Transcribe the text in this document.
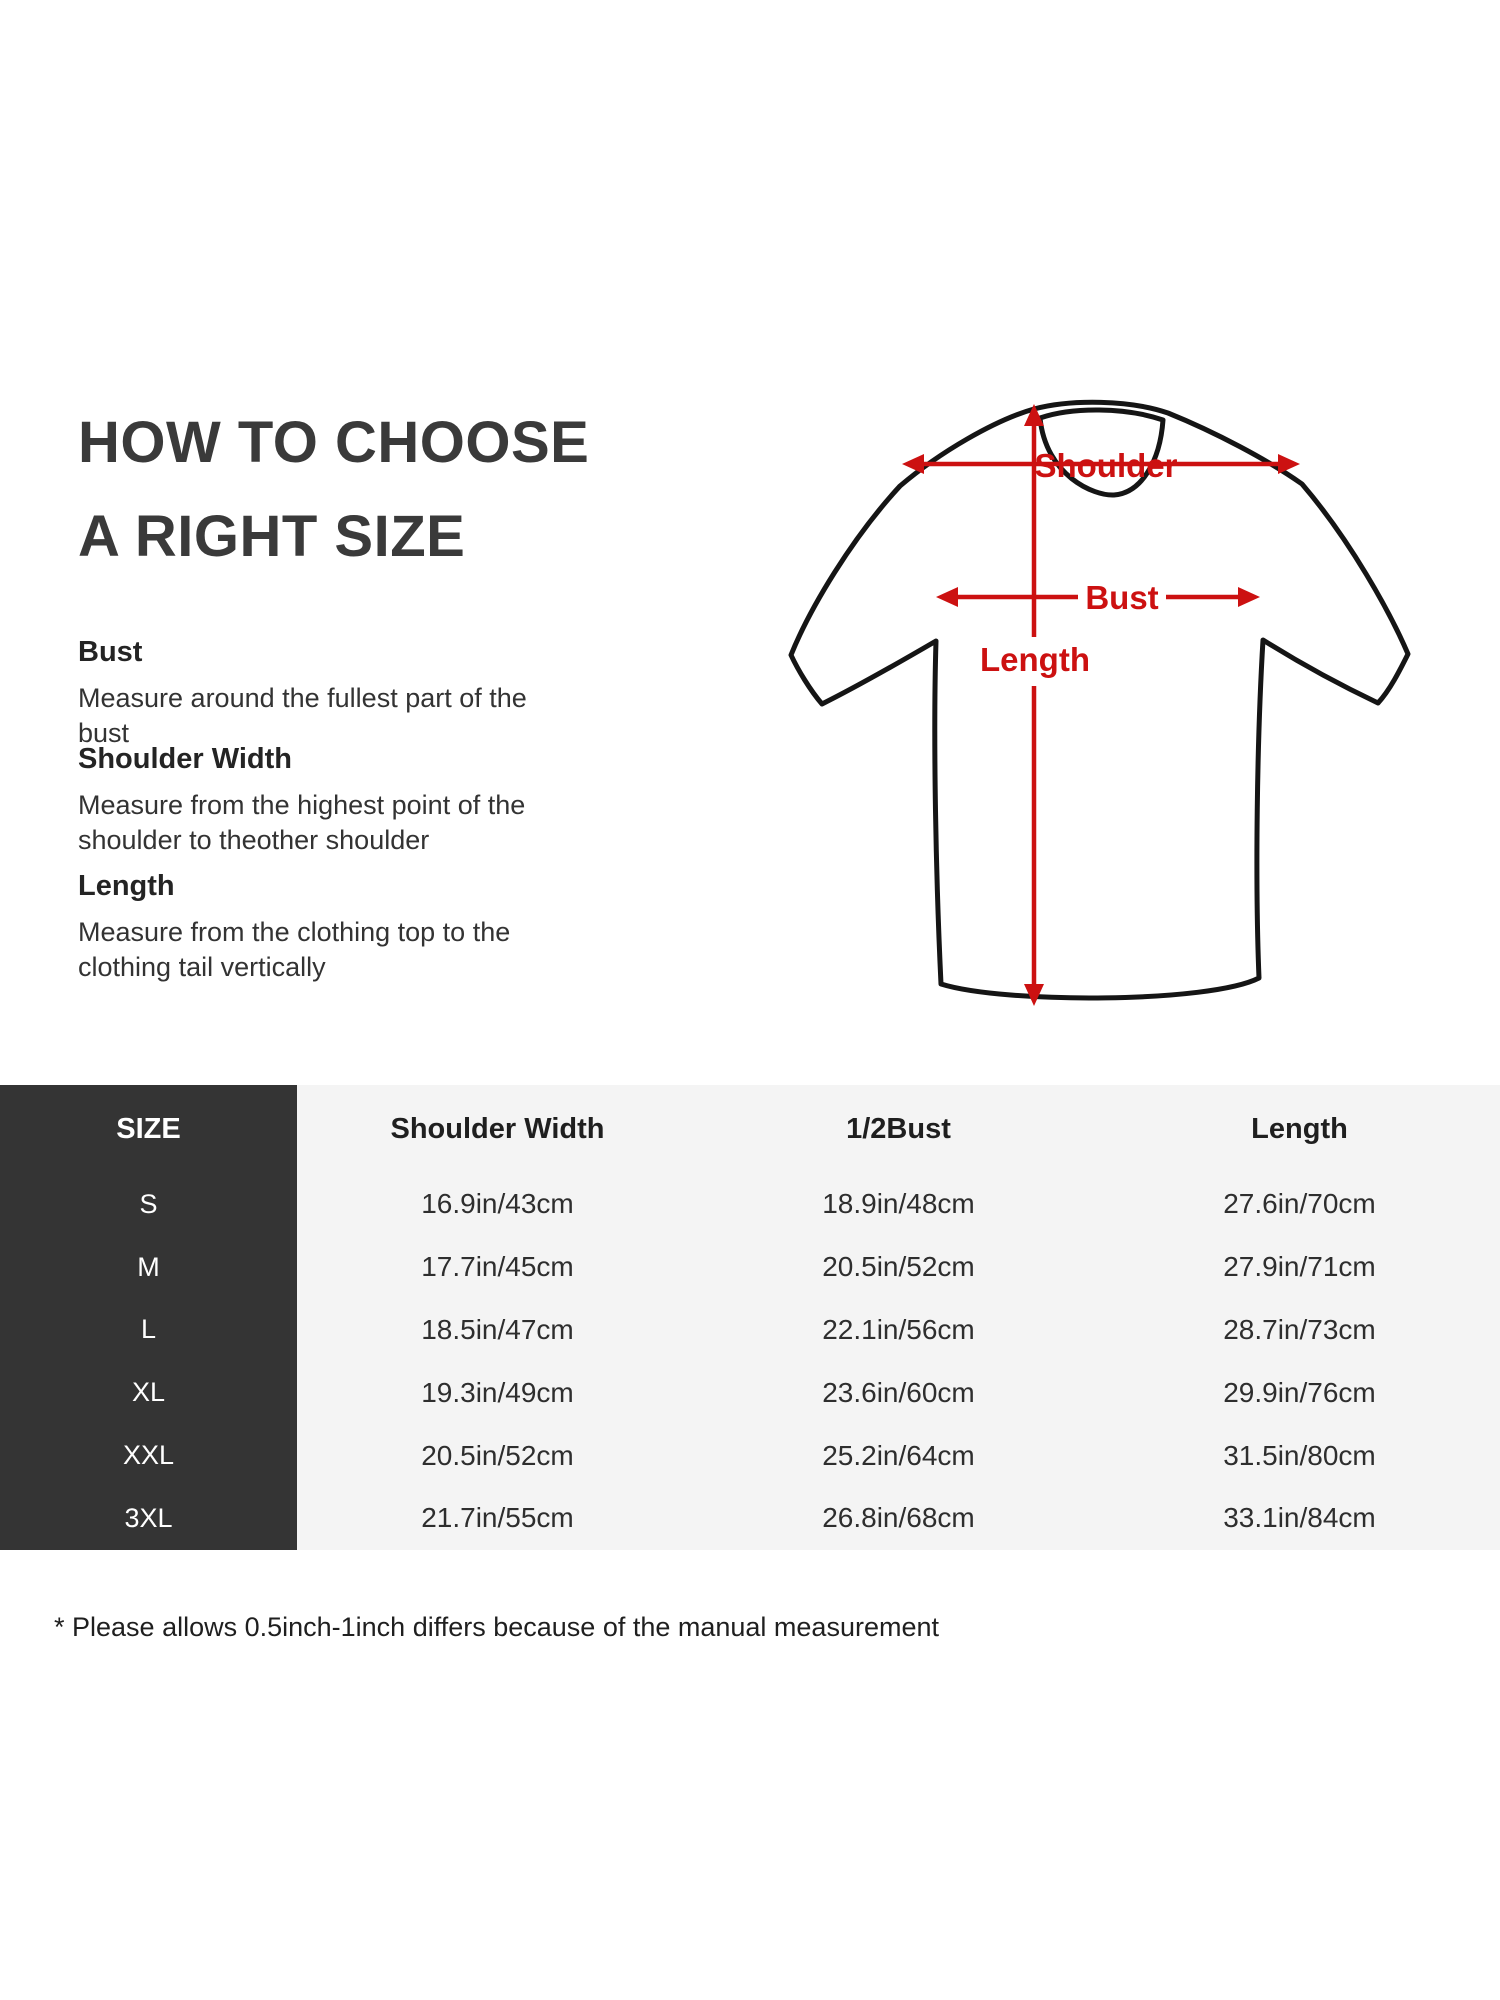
HOW TO CHOOSE
A RIGHT SIZE
Bust
Measure around the fullest part of the bust
Shoulder Width
Measure from the highest point of the
shoulder to theother shoulder
Length
Measure from the clothing top to the
clothing tail vertically
Shoulder
Length
Bust
SIZE	Shoulder Width	1/2Bust	Length
S	16.9in/43cm	18.9in/48cm	27.6in/70cm
M	17.7in/45cm	20.5in/52cm	27.9in/71cm
L	18.5in/47cm	22.1in/56cm	28.7in/73cm
XL	19.3in/49cm	23.6in/60cm	29.9in/76cm
XXL	20.5in/52cm	25.2in/64cm	31.5in/80cm
3XL	21.7in/55cm	26.8in/68cm	33.1in/84cm
* Please allows 0.5inch-1inch differs because of the manual measurement
